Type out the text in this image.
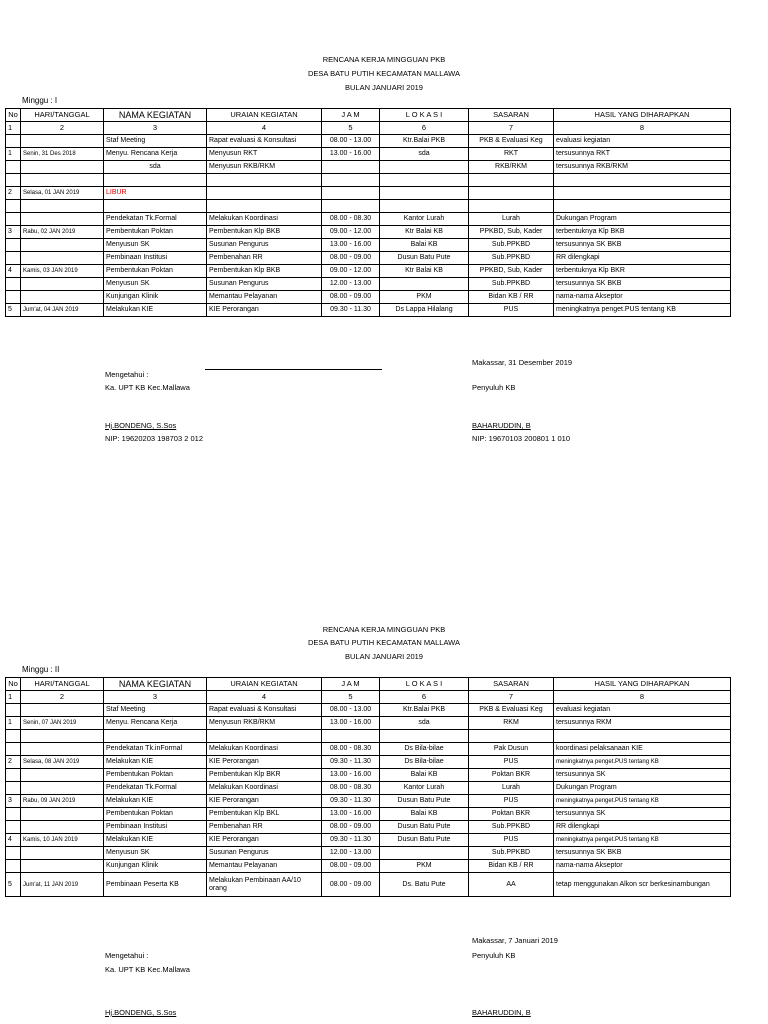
RENCANA KERJA MINGGUAN PKB
DESA BATU PUTIH KECAMATAN MALLAWA
BULAN JANUARI 2019
Minggu : I
No	HARI/TANGGAL	NAMA KEGIATAN	URAIAN KEGIATAN	J A M	L O K A S I	SASARAN	HASIL YANG DIHARAPKAN
1	2	3	4	5	6	7	8
		Staf Meeting	Rapat evaluasi & Konsultasi	08.00 - 13.00	Ktr.Balai PKB	PKB & Evaluasi Keg	evaluasi kegiatan
1	Senin, 31 Des 2018	Menyu. Rencana Kerja	Menyusun RKT	13.00 - 16.00	sda	RKT	tersusunnya RKT
		sda	Menyusun RKB/RKM			RKB/RKM	tersusunnya RKB/RKM

2	Selasa, 01 JAN 2019	LIBUR					

		Pendekatan Tk.Formal	Melakukan Koordinasi	08.00 - 08.30	Kantor Lurah	Lurah	Dukungan Program
3	Rabu, 02 JAN 2019	Pembentukan Poktan	Pembentukan Klp BKB	09.00 - 12.00	Ktr Balai KB	PPKBD, Sub, Kader	terbentuknya Klp BKB
		Menyusun SK	Susunan Pengurus	13.00 - 16.00	Balai KB	Sub.PPKBD	tersusunnya SK BKB
		Pembinaan Institusi	Pembenahan RR	08.00 - 09.00	Dusun Batu Pute	Sub.PPKBD	RR dilengkapi
4	Kamis, 03 JAN 2019	Pembentukan Poktan	Pembentukan Klp BKB	09.00 - 12.00	Ktr Balai KB	PPKBD, Sub, Kader	terbentuknya Klp BKR
		Menyusun SK	Susunan Pengurus	12.00 - 13.00		Sub.PPKBD	tersusunnya SK BKB
		Kunjungan Klinik	Memantau Pelayanan	08.00 - 09.00	PKM	Bidan KB / RR	nama-nama Akseptor
5	Jum'at, 04 JAN 2019	Melakukan KIE	KIE Perorangan	09.30 - 11.30	Ds Lappa Hilalang	PUS	meningkatnya penget.PUS tentang KB
Makassar, 31 Desember 2019
Mengetahui :
Ka. UPT KB Kec.Mallawa	Penyuluh KB
Hj.BONDENG, S.Sos
NIP: 19620203 198703 2 012
BAHARUDDIN, B
NIP: 19670103 200801 1 010
RENCANA KERJA MINGGUAN PKB
DESA BATU PUTIH KECAMATAN MALLAWA
BULAN JANUARI 2019
Minggu : II
No	HARI/TANGGAL	NAMA KEGIATAN	URAIAN KEGIATAN	J A M	L O K A S I	SASARAN	HASIL YANG DIHARAPKAN
1	2	3	4	5	6	7	8
		Staf Meeting	Rapat evaluasi & Konsultasi	08.00 - 13.00	Ktr.Balai PKB	PKB & Evaluasi Keg	evaluasi kegiatan
1	Senin, 07 JAN 2019	Menyu. Rencana Kerja	Menyusun RKB/RKM	13.00 - 16.00	sda	RKM	tersusunnya RKM

		Pendekatan Tk.inFormal	Melakukan Koordinasi	08.00 - 08.30	Ds Bila-bilae	Pak Dusun	koordinasi pelaksanaan KIE
2	Selasa, 08 JAN 2019	Melakukan KIE	KIE Perorangan	09.30 - 11.30	Ds Bila-bilae	PUS	meningkatnya penget.PUS tentang KB
		Pembentukan Poktan	Pembentukan Klp BKR	13.00 - 16.00	Balai KB	Poktan BKR	tersusunnya SK
		Pendekatan Tk.Formal	Melakukan Koordinasi	08.00 - 08.30	Kantor Lurah	Lurah	Dukungan Program
3	Rabu, 09 JAN 2019	Melakukan KIE	KIE Perorangan	09.30 - 11.30	Dusun Batu Pute	PUS	meningkatnya penget.PUS tentang KB
		Pembentukan Poktan	Pembentukan Klp BKL	13.00 - 16.00	Balai KB	Poktan BKR	tersusunnya SK
		Pembinaan Institusi	Pembenahan RR	08.00 - 09.00	Dusun Batu Pute	Sub.PPKBD	RR dilengkapi
4	Kamis, 10 JAN 2019	Melakukan KIE	KIE Perorangan	09.30 - 11.30	Dusun Batu Pute	PUS	meningkatnya penget.PUS tentang KB
		Menyusun SK	Susunan Pengurus	12.00 - 13.00		Sub.PPKBD	tersusunnya SK BKB
		Kunjungan Klinik	Memantau Pelayanan	08.00 - 09.00	PKM	Bidan KB / RR	nama-nama Akseptor
5	Jum'at, 11 JAN 2019	Pembinaan Peserta KB	Melakukan Pembinaan AA/10 orang	08.00 - 09.00	Ds. Batu Pute	AA	tetap menggunakan Alkon scr berkesinambungan
Makassar, 7 Januari 2019
Mengetahui :	Penyuluh KB
Ka. UPT KB Kec.Mallawa
Hj.BONDENG, S.Sos	BAHARUDDIN, B
